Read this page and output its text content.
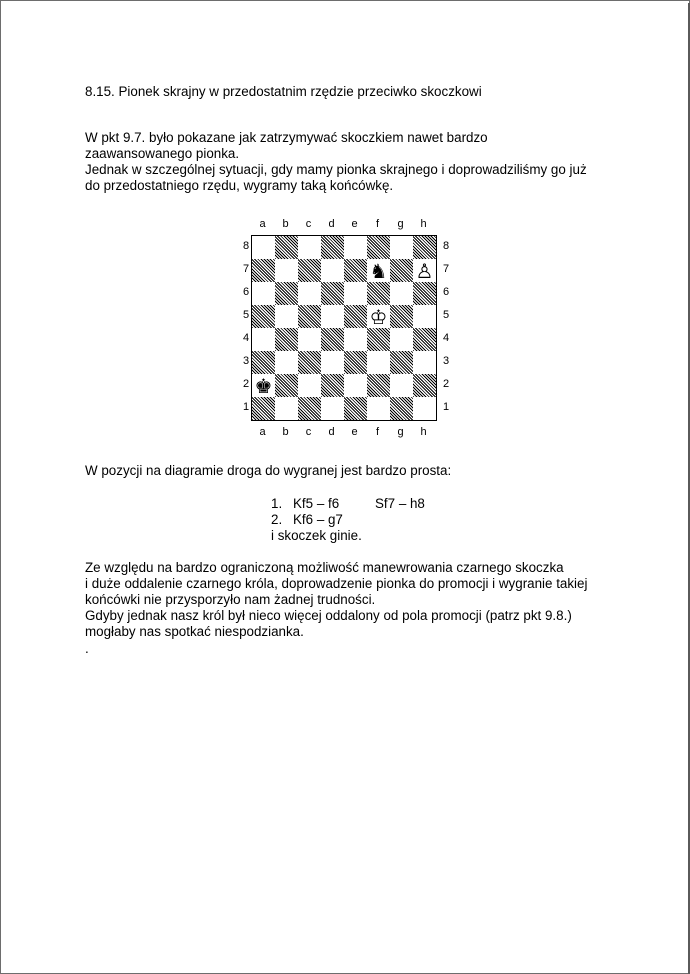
8.15. Pionek skrajny w przedostatnim rzędzie przeciwko skoczkowi
W pkt 9.7. było pokazane jak zatrzymywać skoczkiem nawet bardzo
zaawansowanego pionka.
Jednak w szczególnej sytuacji, gdy mamy pionka skrajnego i doprowadziliśmy go już
do przedostatniego rzędu, wygramy taką końcówkę.
a	b	c	d	e	f	g	h
8
7
6
5
4
3
2
1
♞ ♙
♔
♚
8
7
6
5
4
3
2
1
a	b	c	d	e	f	g	h
W pozycji na diagramie droga do wygranej jest bardzo prosta:
1. Kf5 – f6	Sf7 – h8
2. Kf6 – g7
i skoczek ginie.
Ze względu na bardzo ograniczoną możliwość manewrowania czarnego skoczka
i duże oddalenie czarnego króla, doprowadzenie pionka do promocji i wygranie takiej
końcówki nie przysporzyło nam żadnej trudności.
Gdyby jednak nasz król był nieco więcej oddalony od pola promocji (patrz pkt 9.8.)
mogłaby nas spotkać niespodzianka.
.
